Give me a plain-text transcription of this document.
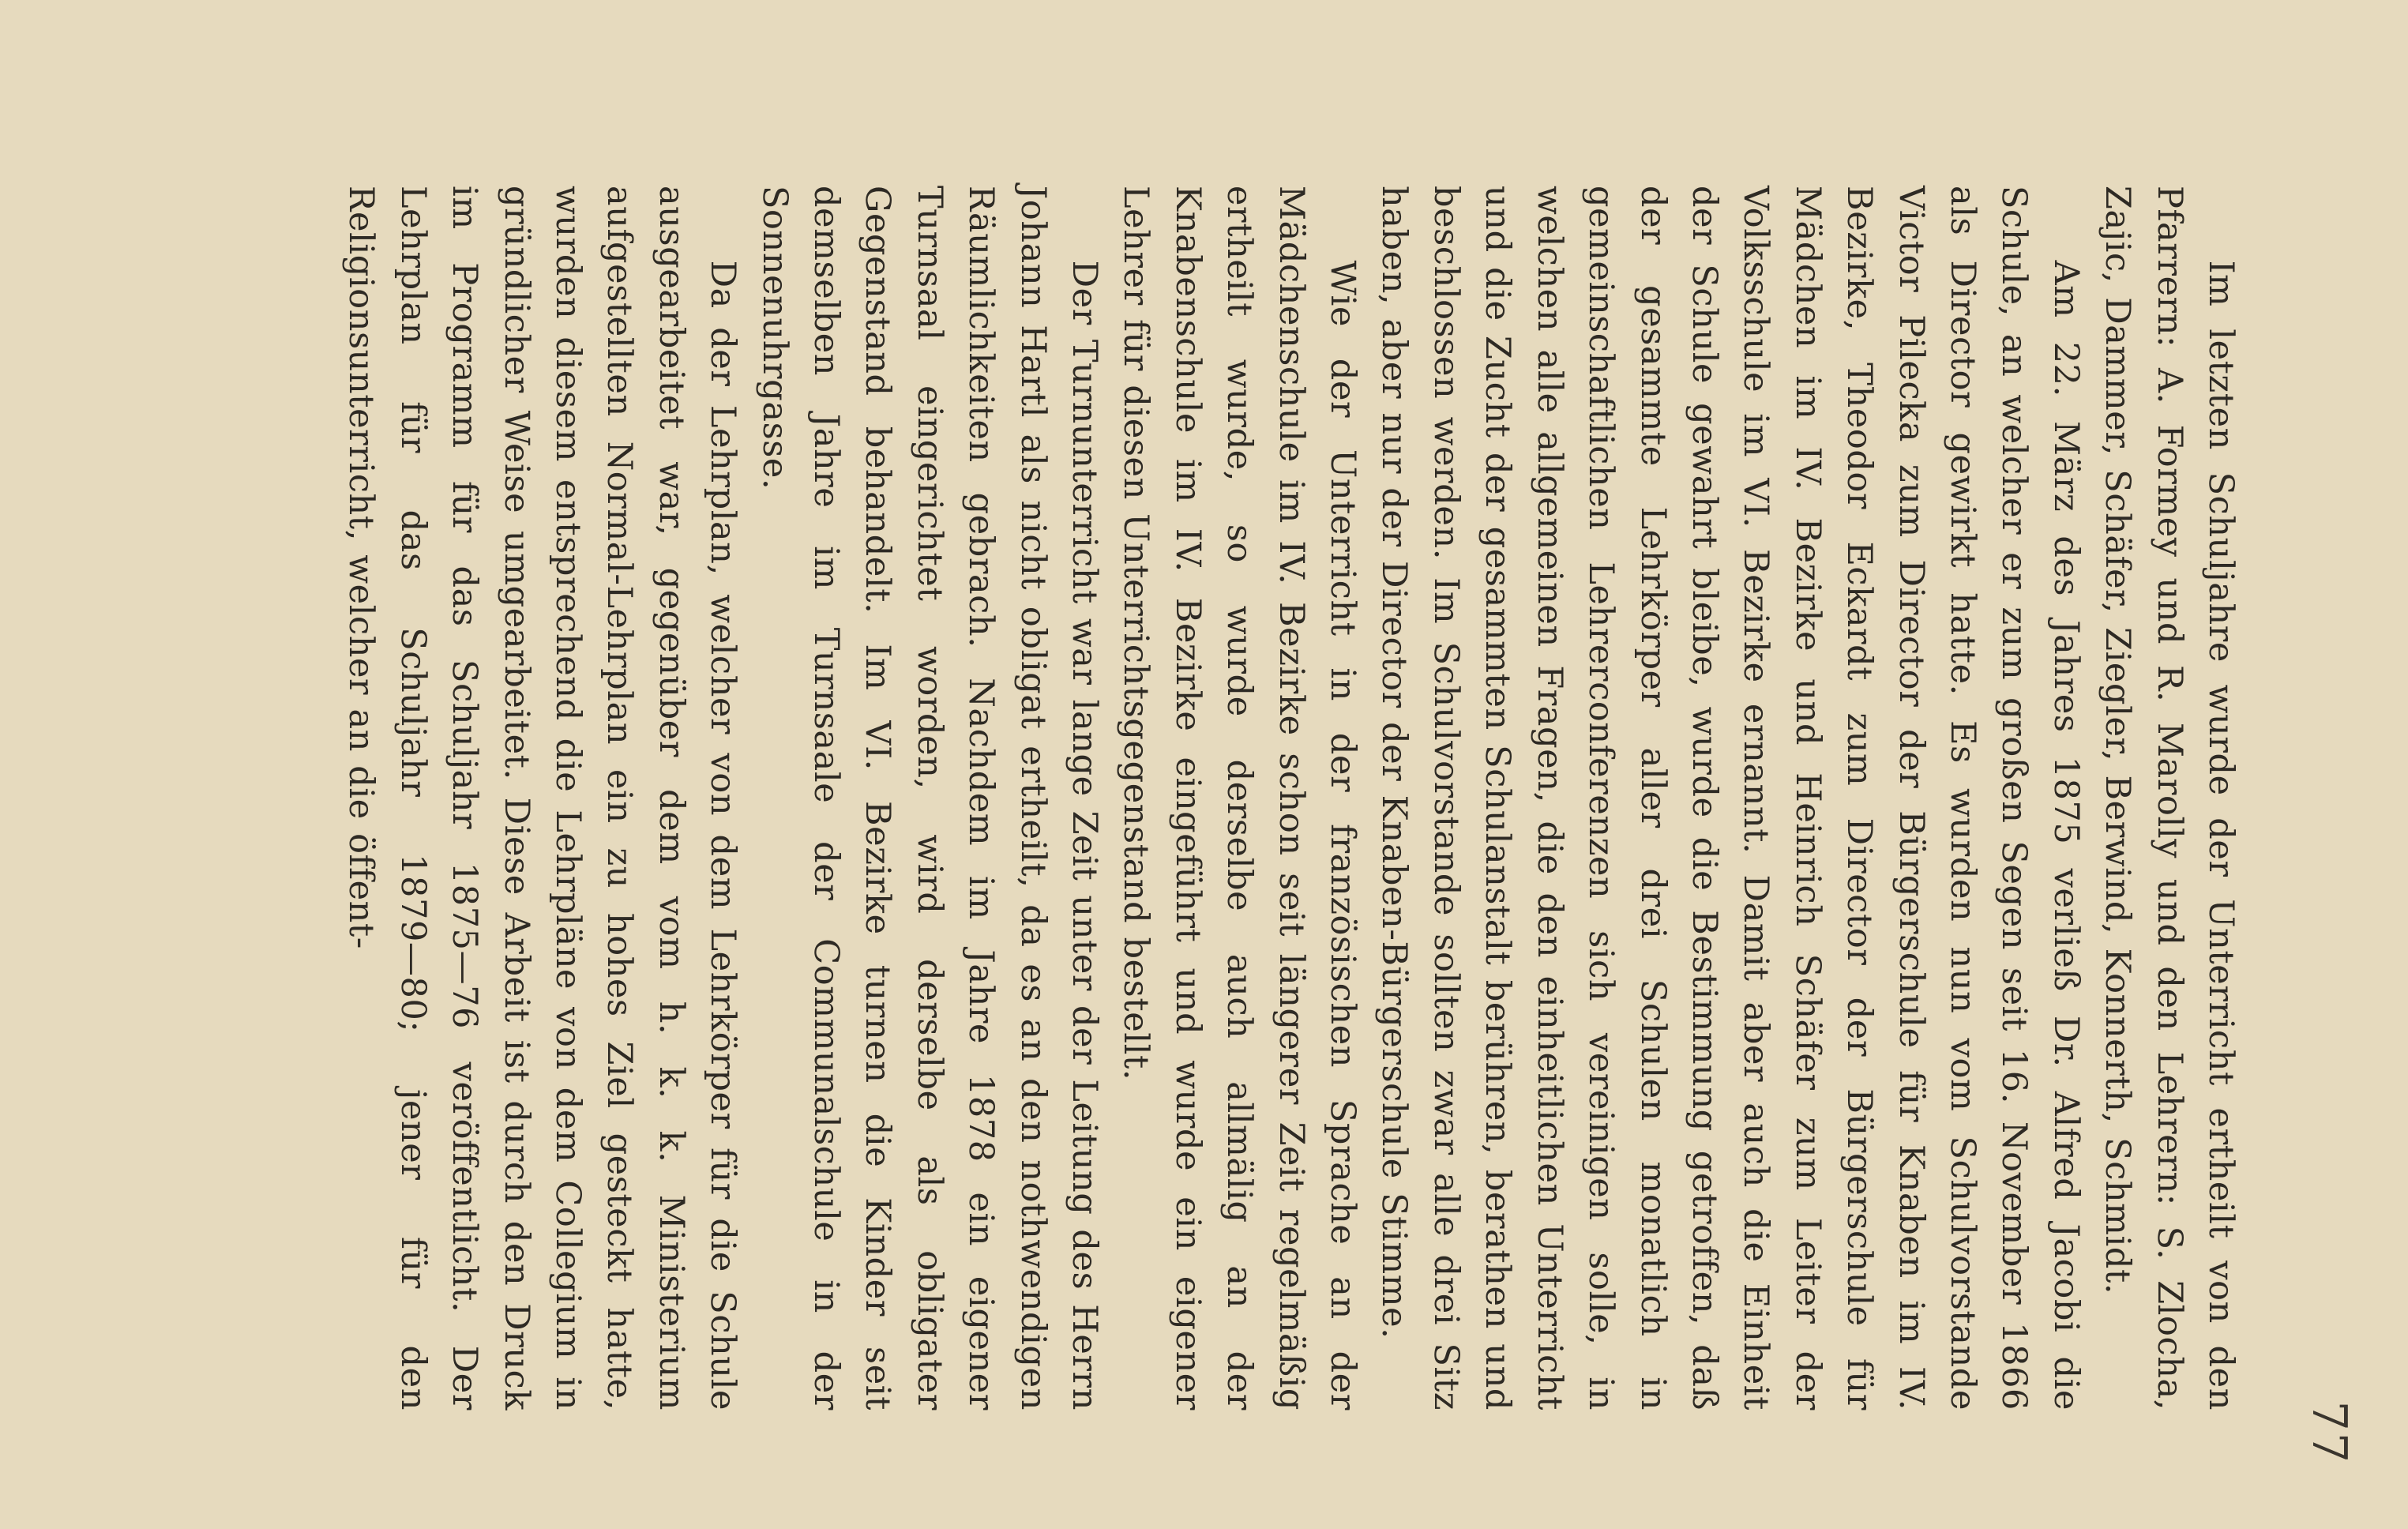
77

Im letzten Schuljahre wurde der Unterricht ertheilt von den Pfarrern: A. Formey und R. Marolly und den Lehrern: S. Zlocha, Zajic, Dammer, Schäfer, Ziegler, Berwind, Konnerth, Schmidt.

Am 22. März des Jahres 1875 verließ Dr. Alfred Jacobi die Schule, an welcher er zum großen Segen seit 16. November 1866 als Director gewirkt hatte. Es wurden nun vom Schulvorstande Victor Pilecka zum Director der Bürgerschule für Knaben im IV. Bezirke, Theodor Eckardt zum Director der Bürgerschule für Mädchen im IV. Bezirke und Heinrich Schäfer zum Leiter der Volksschule im VI. Bezirke ernannt. Damit aber auch die Einheit der Schule gewahrt bleibe, wurde die Bestimmung getroffen, daß der gesammte Lehrkörper aller drei Schulen monatlich in gemeinschaftlichen Lehrerconferenzen sich vereinigen solle, in welchen alle allgemeinen Fragen, die den einheitlichen Unterricht und die Zucht der gesammten Schulanstalt berühren, berathen und beschlossen werden. Im Schulvorstande sollten zwar alle drei Sitz haben, aber nur der Director der Knaben-Bürgerschule Stimme.

Wie der Unterricht in der französischen Sprache an der Mädchenschule im IV. Bezirke schon seit längerer Zeit regelmäßig ertheilt wurde, so wurde derselbe auch allmälig an der Knabenschule im IV. Bezirke eingeführt und wurde ein eigener Lehrer für diesen Unterrichtsgegenstand bestellt.

Der Turnunterricht war lange Zeit unter der Leitung des Herrn Johann Hartl als nicht obligat ertheilt, da es an den nothwendigen Räumlichkeiten gebrach. Nachdem im Jahre 1878 ein eigener Turnsaal eingerichtet worden, wird derselbe als obligater Gegenstand behandelt. Im VI. Bezirke turnen die Kinder seit demselben Jahre im Turnsaale der Communalschule in der Sonnenuhrgasse.

Da der Lehrplan, welcher von dem Lehrkörper für die Schule ausgearbeitet war, gegenüber dem vom h. k. k. Ministerium aufgestellten Normal-Lehrplan ein zu hohes Ziel gesteckt hatte, wurden diesem entsprechend die Lehrpläne von dem Collegium in gründlicher Weise umgearbeitet. Diese Arbeit ist durch den Druck im Programm für das Schuljahr 1875—76 veröffentlicht. Der Lehrplan für das Schuljahr 1879—80; jener für den Religionsunterricht, welcher an die öffent-
